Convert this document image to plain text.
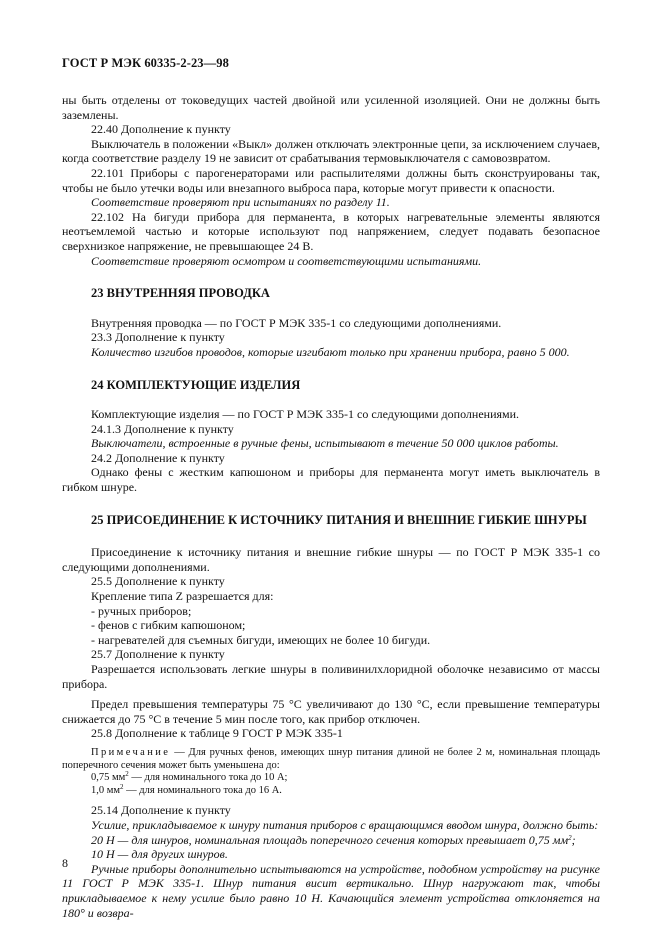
ГОСТ Р МЭК 60335-2-23—98

ны быть отделены от токоведущих частей двойной или усиленной изоляцией. Они не должны быть заземлены.

22.40 Дополнение к пункту

Выключатель в положении «Выкл» должен отключать электронные цепи, за исключением случаев, когда соответствие разделу 19 не зависит от срабатывания термовыключателя с самовозвратом.

22.101 Приборы с парогенераторами или распылителями должны быть сконструированы так, чтобы не было утечки воды или внезапного выброса пара, которые могут привести к опасности.

Соответствие проверяют при испытаниях по разделу 11.

22.102 На бигуди прибора для перманента, в которых нагревательные элементы являются неотъемлемой частью и которые используют под напряжением, следует подавать безопасное сверхнизкое напряжение, не превышающее 24 В.

Соответствие проверяют осмотром и соответствующими испытаниями.

23 ВНУТРЕННЯЯ ПРОВОДКА

Внутренняя проводка — по ГОСТ Р МЭК 335-1 со следующими дополнениями.

23.3 Дополнение к пункту

Количество изгибов проводов, которые изгибают только при хранении прибора, равно 5 000.

24 КОМПЛЕКТУЮЩИЕ ИЗДЕЛИЯ

Комплектующие изделия — по ГОСТ Р МЭК 335-1 со следующими дополнениями.

24.1.3 Дополнение к пункту

Выключатели, встроенные в ручные фены, испытывают в течение 50 000 циклов работы.

24.2 Дополнение к пункту

Однако фены с жестким капюшоном и приборы для перманента могут иметь выключатель в гибком шнуре.

25 ПРИСОЕДИНЕНИЕ К ИСТОЧНИКУ ПИТАНИЯ И ВНЕШНИЕ ГИБКИЕ ШНУРЫ

Присоединение к источнику питания и внешние гибкие шнуры — по ГОСТ Р МЭК 335-1 со следующими дополнениями.

25.5 Дополнение к пункту

Крепление типа Z разрешается для:

- ручных приборов;

- фенов с гибким капюшоном;

- нагревателей для съемных бигуди, имеющих не более 10 бигуди.

25.7 Дополнение к пункту

Разрешается использовать легкие шнуры в поливинилхлоридной оболочке независимо от массы прибора.

Предел превышения температуры 75 °С увеличивают до 130 °С, если превышение температуры снижается до 75 °С в течение 5 мин после того, как прибор отключен.

25.8 Дополнение к таблице 9 ГОСТ Р МЭК 335-1

Примечание — Для ручных фенов, имеющих шнур питания длиной не более 2 м, номинальная площадь поперечного сечения может быть уменьшена до:

0,75 $мм^2$ — для номинального тока до 10 А;

1,0 $мм^2$ — для номинального тока до 16 А.

25.14 Дополнение к пункту

Усилие, прикладываемое к шнуру питания приборов с вращающимся вводом шнура, должно быть:

20 Н — для шнуров, номинальная площадь поперечного сечения которых превышает 0,75 $мм^2$;

10 Н — для других шнуров.

Ручные приборы дополнительно испытываются на устройстве, подобном устройству на рисунке 11 ГОСТ Р МЭК 335-1. Шнур питания висит вертикально. Шнур нагружают так, чтобы прикладываемое к нему усилие было равно 10 Н. Качающийся элемент устройства отклоняется на 180° и возвра-

8
